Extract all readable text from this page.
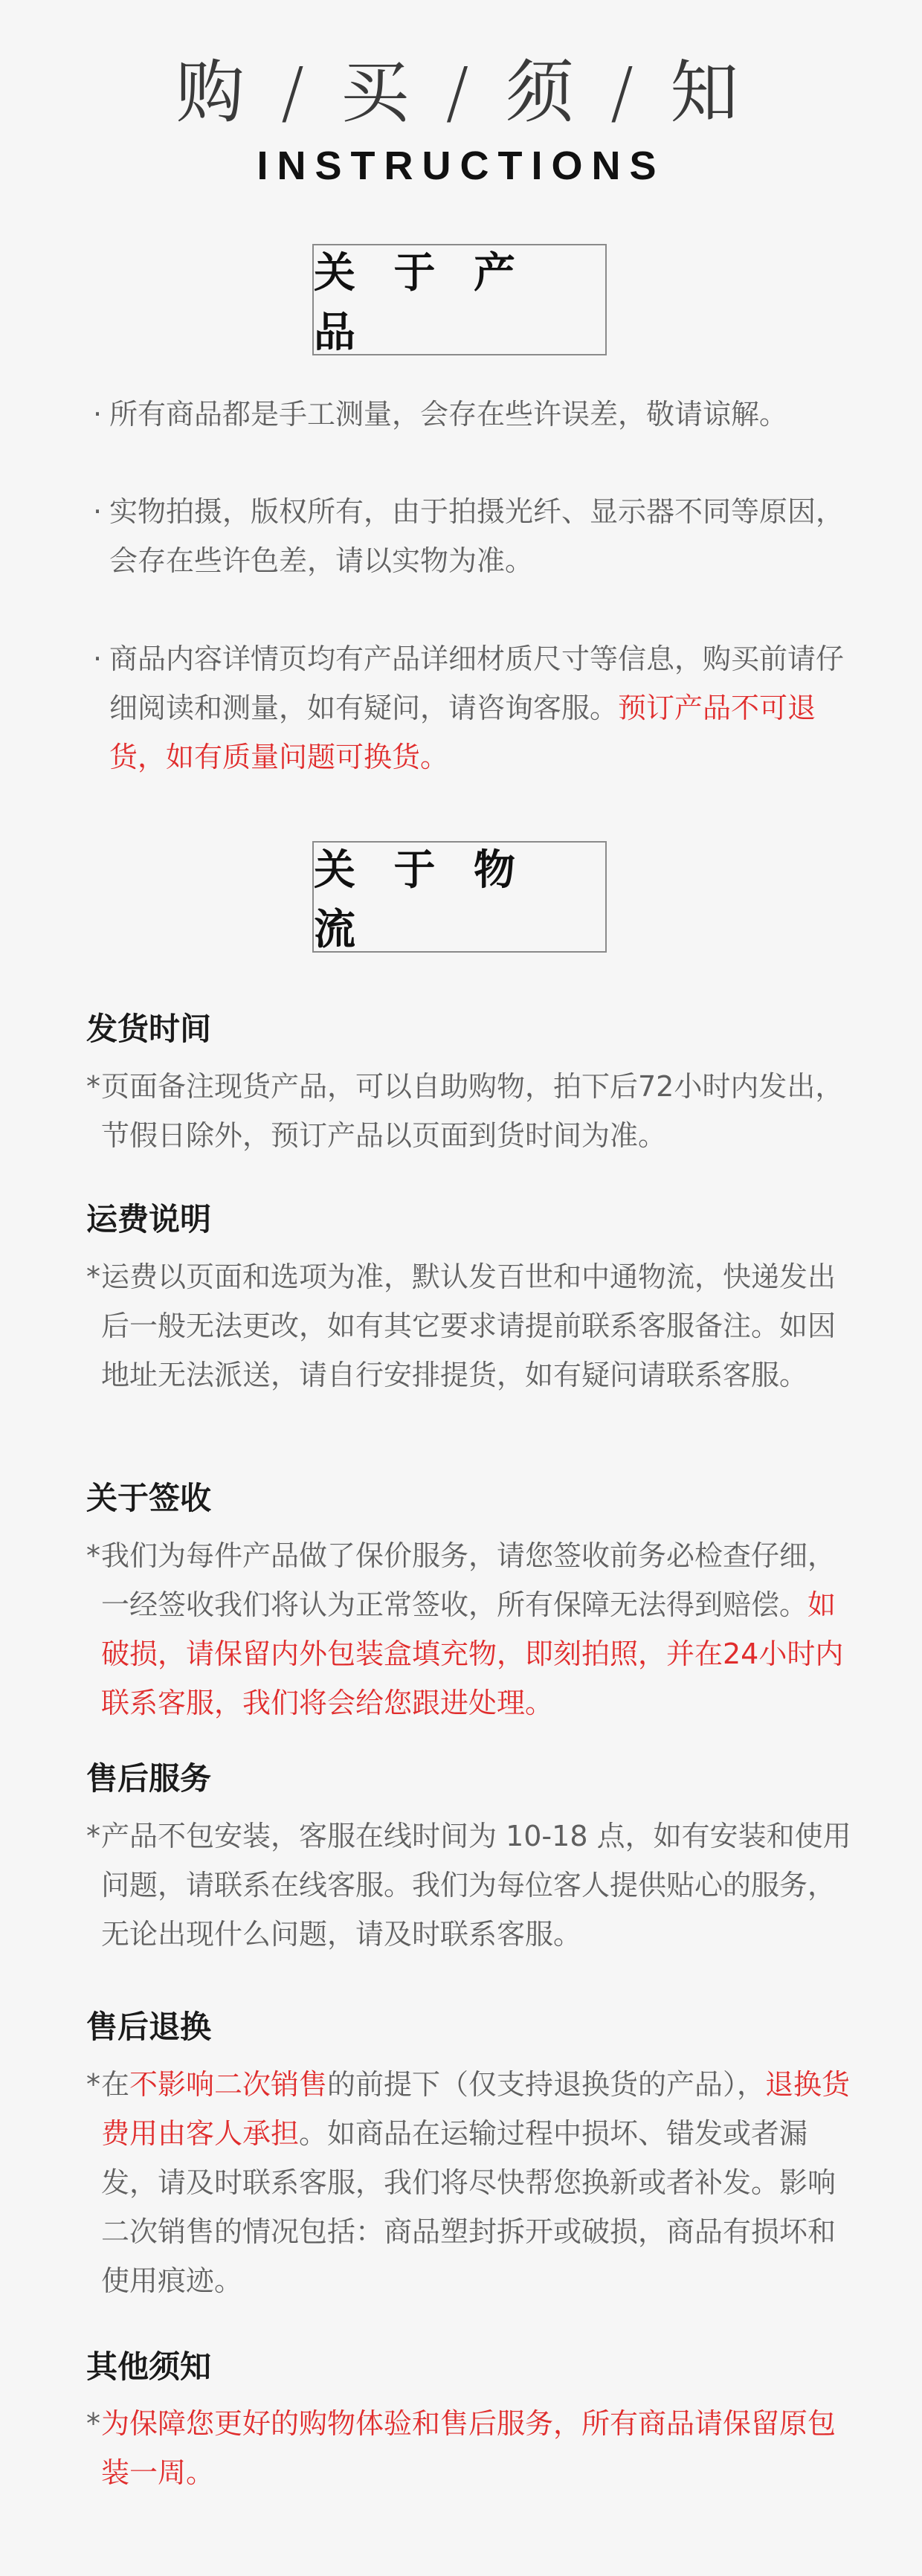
购 / 买 / 须 / 知
INSTRUCTIONS
关 于 产 品

· 所有商品都是手工测量，会存在些许误差，敬请谅解。

· 实物拍摄，版权所有，由于拍摄光纤、显示器不同等原因，会存在些许色差，请以实物为准。

· 商品内容详情页均有产品详细材质尺寸等信息，购买前请仔细阅读和测量，如有疑问，请咨询客服。预订产品不可退货，如有质量问题可换货。

关 于 物 流
发货时间

* 页面备注现货产品，可以自助购物，拍下后72小时内发出，节假日除外，预订产品以页面到货时间为准。

运费说明

* 运费以页面和选项为准，默认发百世和中通物流，快递发出后一般无法更改，如有其它要求请提前联系客服备注。如因地址无法派送，请自行安排提货，如有疑问请联系客服。

关于签收

* 我们为每件产品做了保价服务，请您签收前务必检查仔细，一经签收我们将认为正常签收，所有保障无法得到赔偿。如破损，请保留内外包装盒填充物，即刻拍照，并在24小时内联系客服，我们将会给您跟进处理。

售后服务

* 产品不包安装，客服在线时间为 10-18 点，如有安装和使用问题，请联系在线客服。我们为每位客人提供贴心的服务，无论出现什么问题，请及时联系客服。

售后退换

* 在不影响二次销售的前提下（仅支持退换货的产品），退换货费用由客人承担。如商品在运输过程中损坏、错发或者漏发，请及时联系客服，我们将尽快帮您换新或者补发。影响二次销售的情况包括：商品塑封拆开或破损，商品有损坏和使用痕迹。

其他须知

* 为保障您更好的购物体验和售后服务，所有商品请保留原包装一周。
